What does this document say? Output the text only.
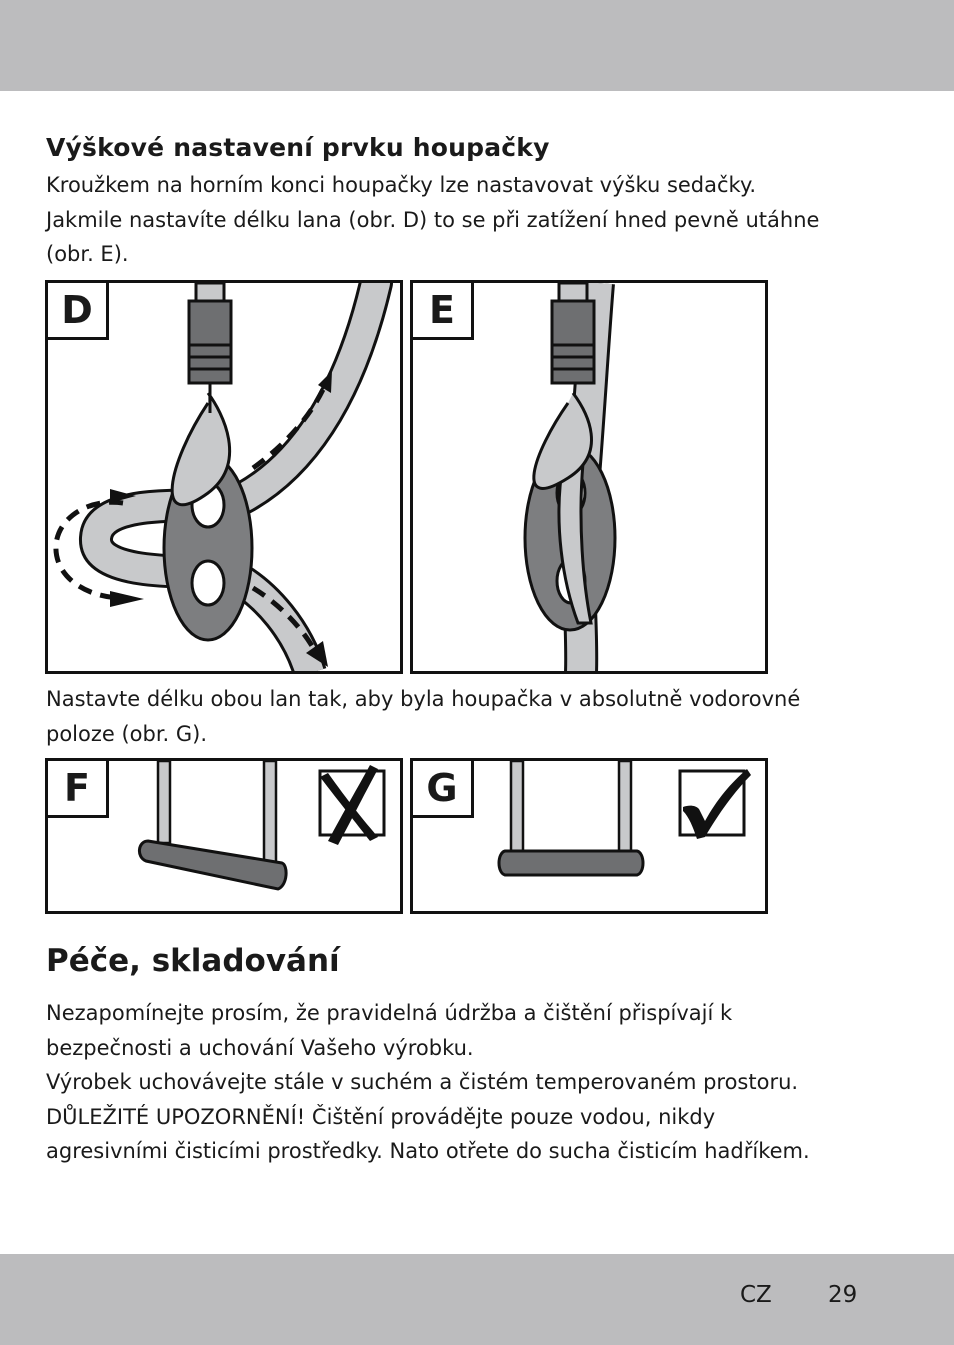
Výškové nastavení prvku houpačky

Kroužkem na horním konci houpačky lze nastavovat výšku sedačky.
Jakmile nastavíte délku lana (obr. D) to se při zatížení hned pevně utáhne
(obr. E).

D	E

Nastavte délku obou lan tak, aby byla houpačka v absolutně vodorovné
poloze (obr. G).

F	G
Péče, skladování

Nezapomínejte prosím, že pravidelná údržba a čištění přispívají k
bezpečnosti a uchování Vašeho výrobku.
Výrobek uchovávejte stále v suchém a čistém temperovaném prostoru.
DŮLEŽITÉ UPOZORNĚNÍ! Čištění provádějte pouze vodou, nikdy
agresivními čisticími prostředky. Nato otřete do sucha čisticím hadříkem.

CZ 29
